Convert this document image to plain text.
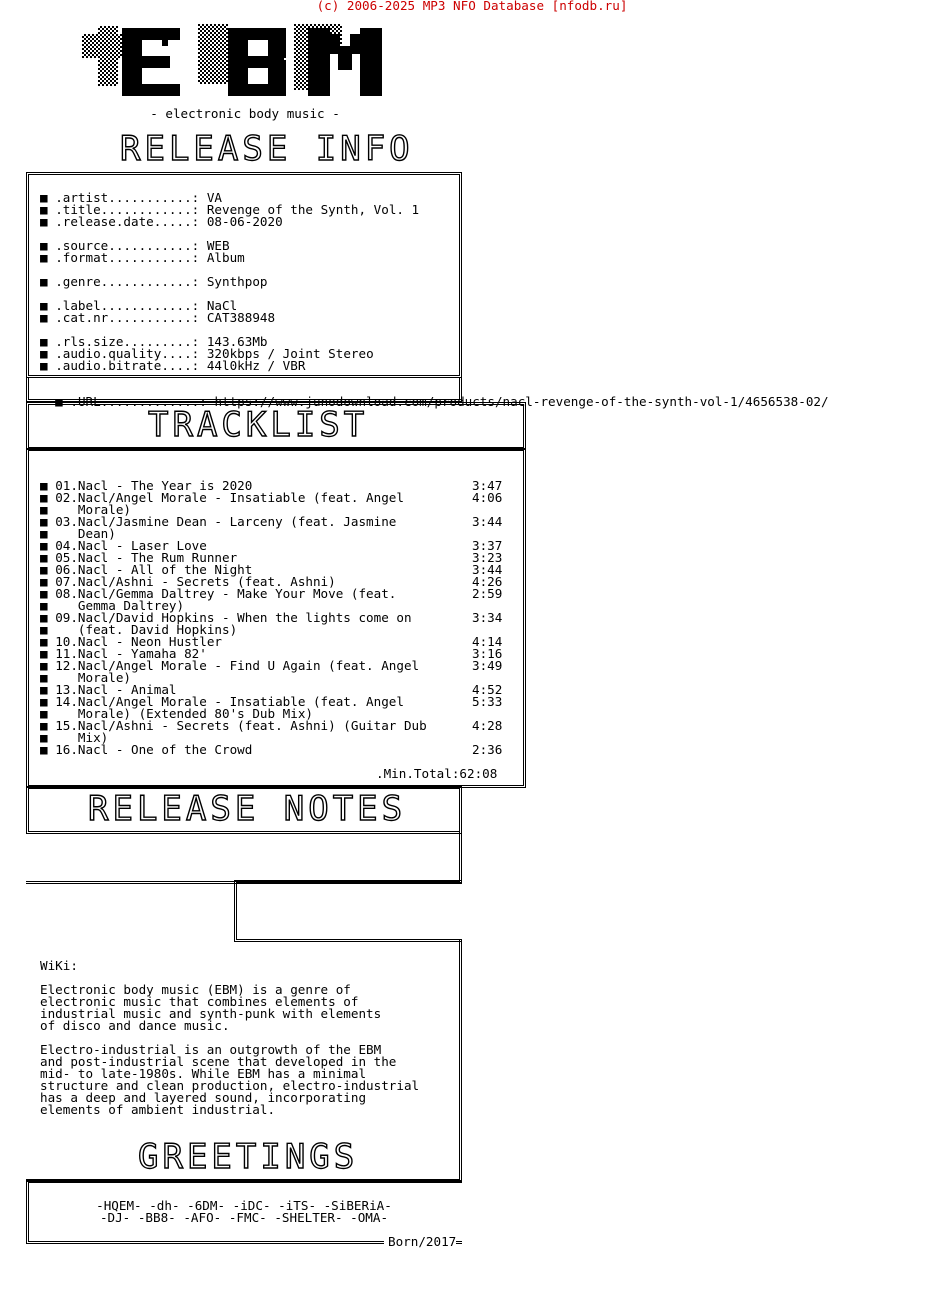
(c) 2006-2025 MP3 NFO Database [nfodb.ru]
EBM
- electronic body music -
RELEASE INFO
■ .artist...........: VA
■ .title............: Revenge of the Synth, Vol. 1
■ .release.date.....: 08-06-2020
■ .source...........: WEB
■ .format...........: Album
■ .genre............: Synthpop
■ .label............: NaCl
■ .cat.nr...........: CAT388948
■ .rls.size.........: 143.63Mb
■ .audio.quality....: 320kbps / Joint Stereo
■ .audio.bitrate....: 44l0kHz / VBR

■ .URL.............: https://www.junodownload.com/products/nacl-revenge-of-the-synth-vol-1/4656538-02/

TRACKLIST
■ 01.Nacl - The Year is 2020	3:47
■ 02.Nacl/Angel Morale - Insatiable (feat. Angel	4:06
■    Morale)
■ 03.Nacl/Jasmine Dean - Larceny (feat. Jasmine	3:44
■    Dean)
■ 04.Nacl - Laser Love	3:37
■ 05.Nacl - The Rum Runner	3:23
■ 06.Nacl - All of the Night	3:44
■ 07.Nacl/Ashni - Secrets (feat. Ashni)	4:26
■ 08.Nacl/Gemma Daltrey - Make Your Move (feat.	2:59
■    Gemma Daltrey)
■ 09.Nacl/David Hopkins - When the lights come on	3:34
■    (feat. David Hopkins)
■ 10.Nacl - Neon Hustler	4:14
■ 11.Nacl - Yamaha 82'	3:16
■ 12.Nacl/Angel Morale - Find U Again (feat. Angel	3:49
■    Morale)
■ 13.Nacl - Animal	4:52
■ 14.Nacl/Angel Morale - Insatiable (feat. Angel	5:33
■    Morale) (Extended 80's Dub Mix)
■ 15.Nacl/Ashni - Secrets (feat. Ashni) (Guitar Dub	4:28
■    Mix)
■ 16.Nacl - One of the Crowd	2:36
.Min.Total:62:08
RELEASE NOTES
WiKi:
Electronic body music (EBM) is a genre of
electronic music that combines elements of
industrial music and synth-punk with elements
of disco and dance music.
Electro-industrial is an outgrowth of the EBM
and post-industrial scene that developed in the
mid- to late-1980s. While EBM has a minimal
structure and clean production, electro-industrial
has a deep and layered sound, incorporating
elements of ambient industrial.
GREETINGS
-HQEM- -dh- -6DM- -iDC- -iTS- -SiBERiA-
-DJ- -BB8- -AFO- -FMC- -SHELTER- -OMA-
Born/2017
